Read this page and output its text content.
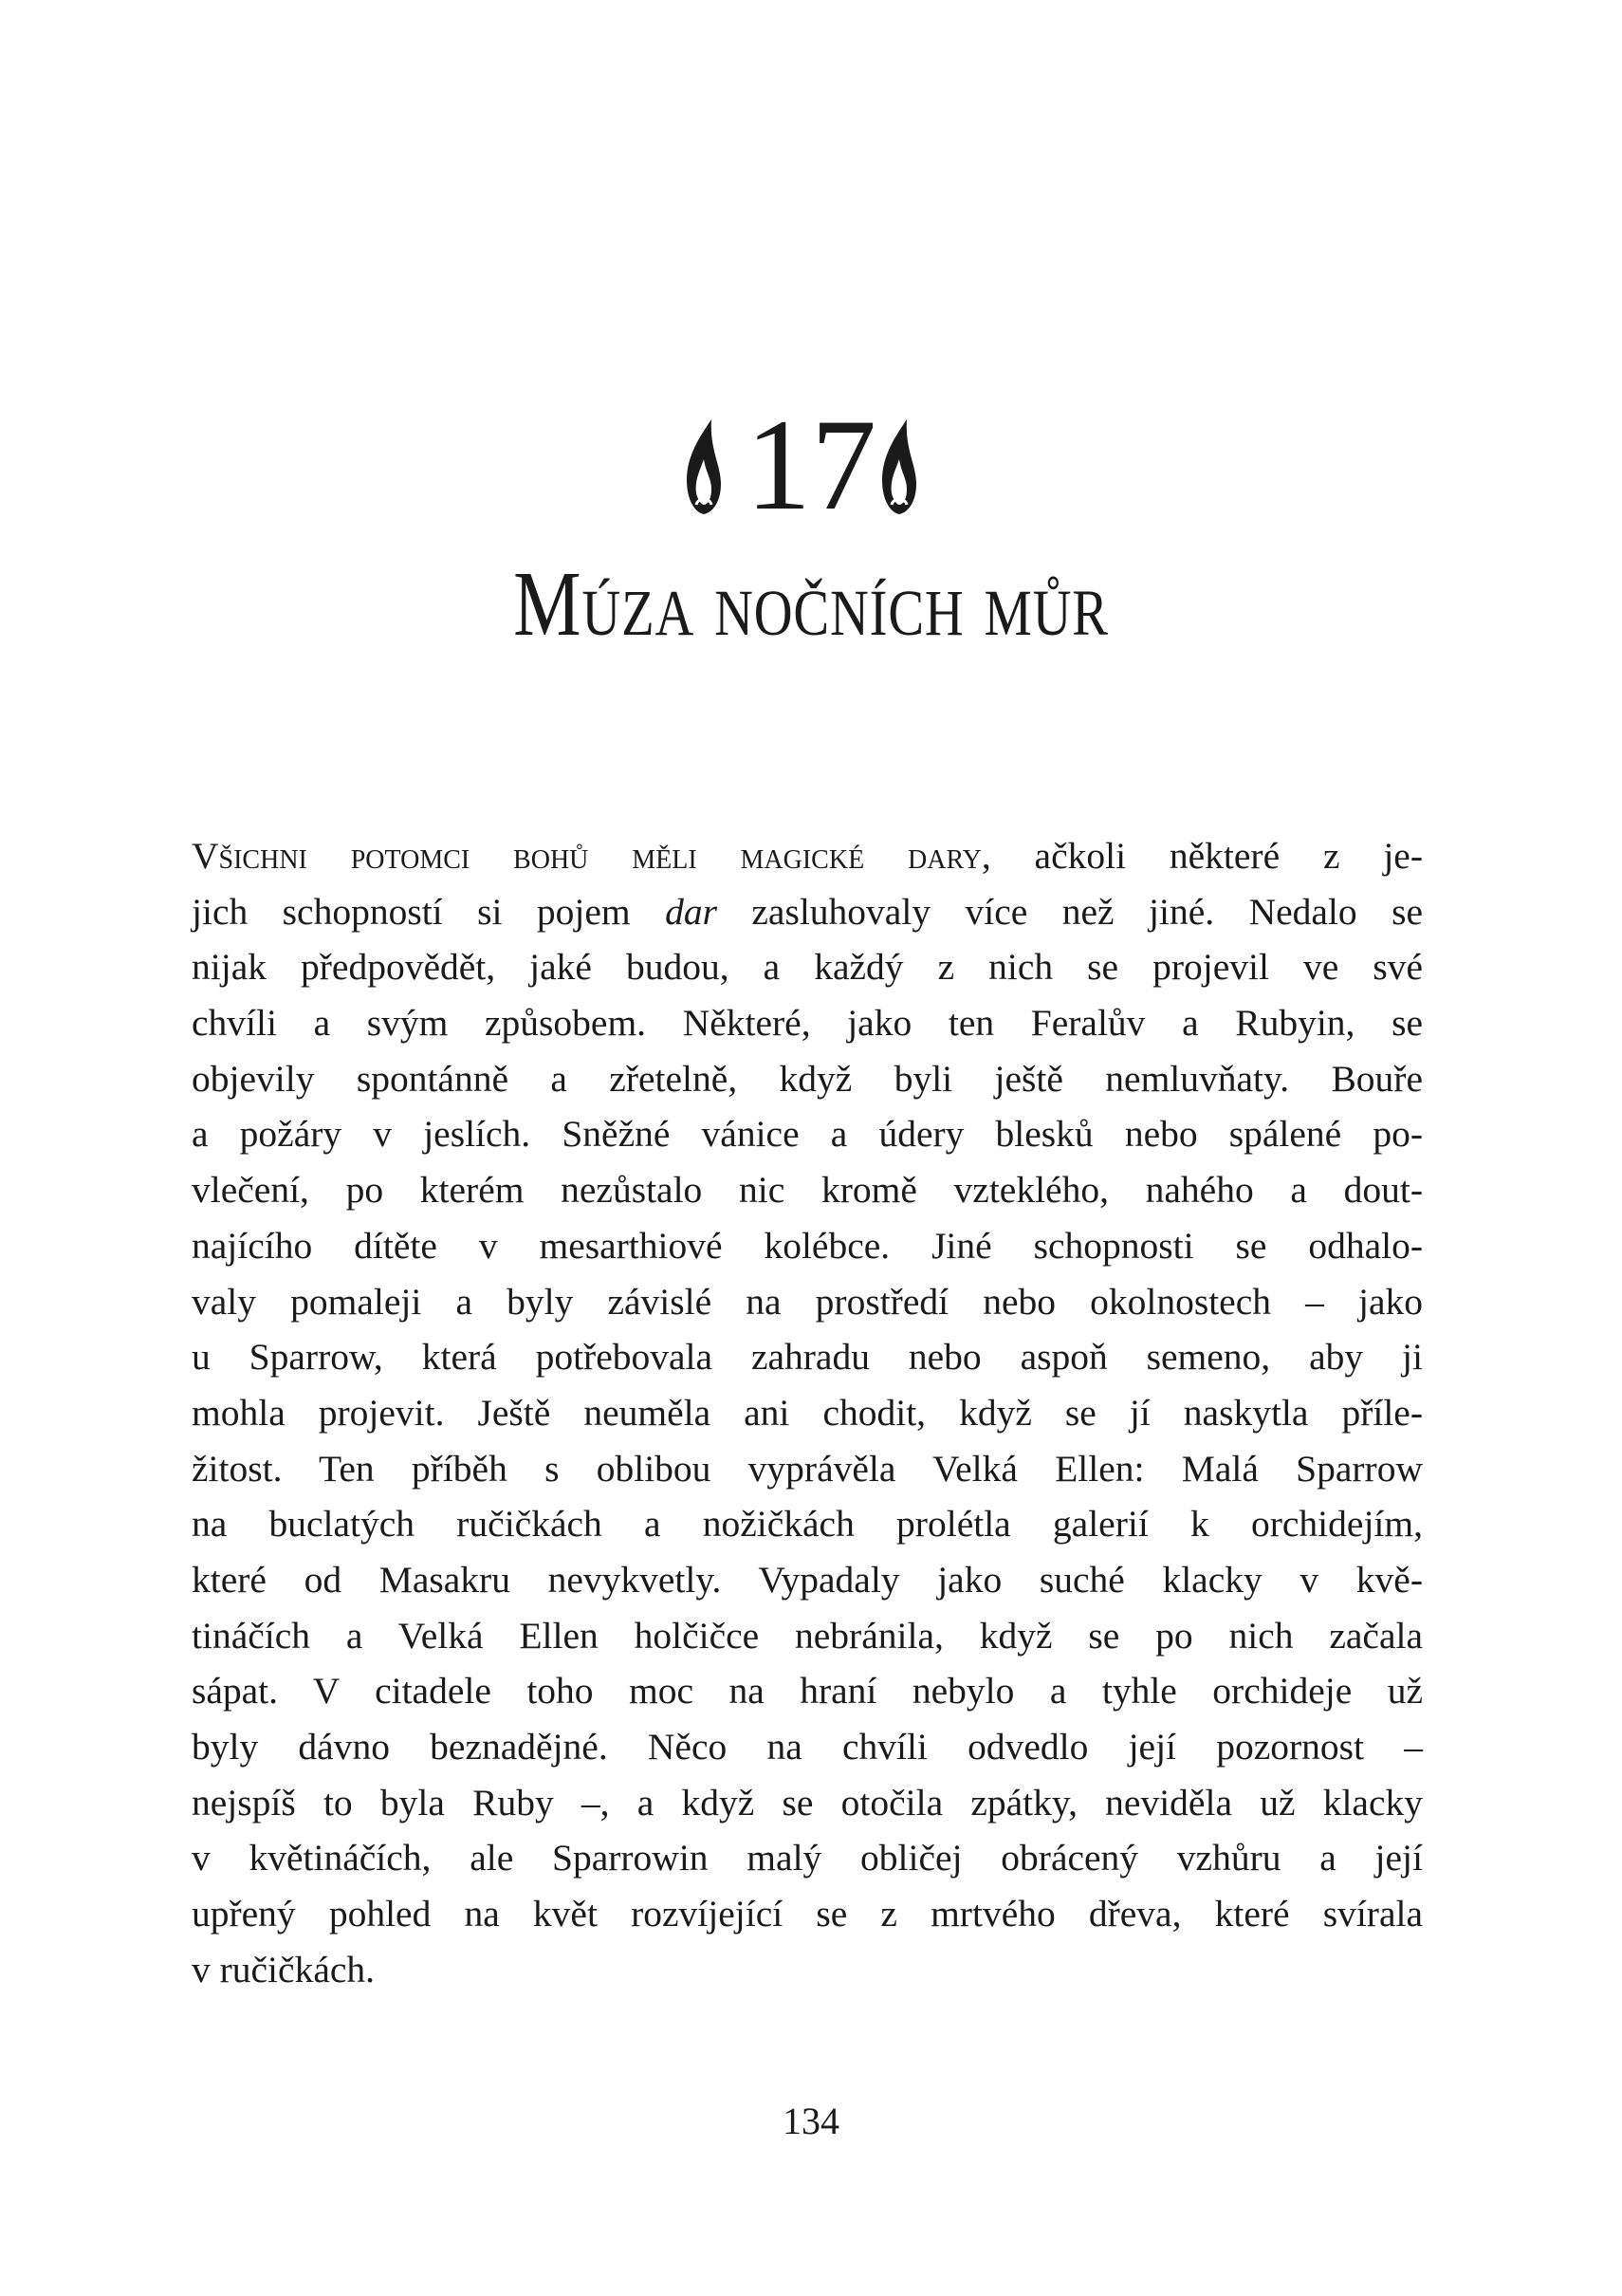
17
Múza nočních můr
Všichni potomci bohů měli magické dary, ačkoli některé z je-
jich schopností si pojem dar zasluhovaly více než jiné. Nedalo se
nijak předpovědět, jaké budou, a každý z nich se projevil ve své
chvíli a svým způsobem. Některé, jako ten Feralův a Rubyin, se
objevily spontánně a zřetelně, když byli ještě nemluvňaty. Bouře
a požáry v jeslích. Sněžné vánice a údery blesků nebo spálené po-
vlečení, po kterém nezůstalo nic kromě vzteklého, nahého a dout-
najícího dítěte v mesarthiové kolébce. Jiné schopnosti se odhalo-
valy pomaleji a byly závislé na prostředí nebo okolnostech – jako
u Sparrow, která potřebovala zahradu nebo aspoň semeno, aby ji
mohla projevit. Ještě neuměla ani chodit, když se jí naskytla příle-
žitost. Ten příběh s oblibou vyprávěla Velká Ellen: Malá Sparrow
na buclatých ručičkách a nožičkách prolétla galerií k orchidejím,
které od Masakru nevykvetly. Vypadaly jako suché klacky v kvě-
tináčích a Velká Ellen holčičce nebránila, když se po nich začala
sápat. V citadele toho moc na hraní nebylo a tyhle orchideje už
byly dávno beznadějné. Něco na chvíli odvedlo její pozornost –
nejspíš to byla Ruby –, a když se otočila zpátky, neviděla už klacky
v květináčích, ale Sparrowin malý obličej obrácený vzhůru a její
upřený pohled na květ rozvíjející se z mrtvého dřeva, které svírala
v ručičkách.
134
